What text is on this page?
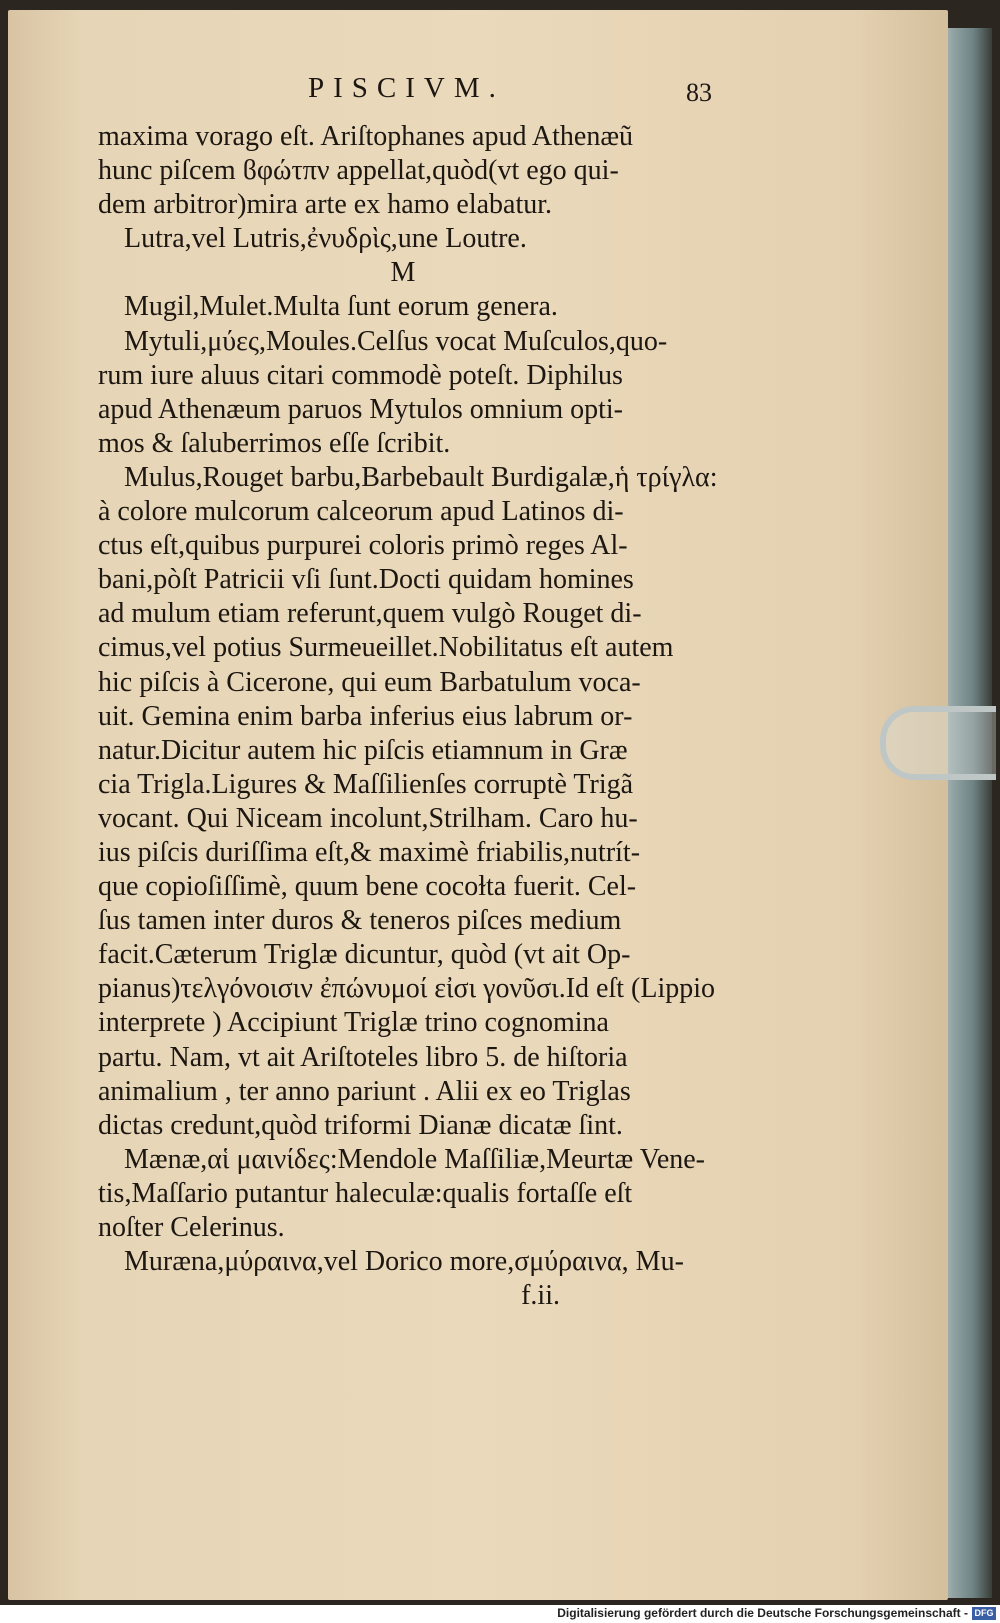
PISCIVM.	83
maxima vorago eſt. Ariſtophanes apud Athenæũ
hunc piſcem ϐφώτπν appellat,quòd(vt ego qui-
dem arbitror)mira arte ex hamo elabatur.
Lutra,vel Lutris,ἐνυδρὶς,une Loutre.
M
Mugil,Mulet.Multa ſunt eorum genera.
Mytuli,μύες,Moules.Celſus vocat Muſculos,quo-
rum iure aluus citari commodè poteſt. Diphilus
apud Athenæum paruos Mytulos omnium opti-
mos & ſaluberrimos eſſe ſcribit.
Mulus,Rouget barbu,Barbebault Burdigalæ,ἡ τρίγλα:
à colore mulcorum calceorum apud Latinos di-
ctus eſt,quibus purpurei coloris primò reges Al-
bani,pòſt Patricii vſi ſunt.Docti quidam homines
ad mulum etiam referunt,quem vulgò Rouget di-
cimus,vel potius Surmeueillet.Nobilitatus eſt autem
hic piſcis à Cicerone, qui eum Barbatulum voca-
uit. Gemina enim barba inferius eius labrum or-
natur.Dicitur autem hic piſcis etiamnum in Græ
cia Trigla.Ligures & Maſſilienſes corruptè Trigã
vocant. Qui Niceam incolunt,Strilham. Caro hu-
ius piſcis duriſſima eſt,& maximè friabilis,nutrít-
que copioſiſſimè, quum bene cocoɫta fuerit. Cel-
ſus tamen inter duros & teneros piſces medium
facit.Cæterum Triglæ dicuntur, quòd (vt ait Op-
pianus)τελγόνοισιν ἐπώνυμοί εἰσι γονῦσι.Id eſt (Lippio
interprete ) Accipiunt Triglæ trino cognomina
partu. Nam, vt ait Ariſtoteles libro 5. de hiſtoria
animalium , ter anno pariunt . Alii ex eo Triglas
dictas credunt,quòd triformi Dianæ dicatæ ſint.
Mænæ,αἱ μαινίδες:Mendole Maſſiliæ,Meurtæ Vene-
tis,Maſſario putantur haleculæ:qualis fortaſſe eſt
noſter Celerinus.
Muræna,μύραινα,vel Dorico more,σμύραινα, Mu-
f.ii.
Digitalisierung gefördert durch die Deutsche Forschungsgemeinschaft - DFG
